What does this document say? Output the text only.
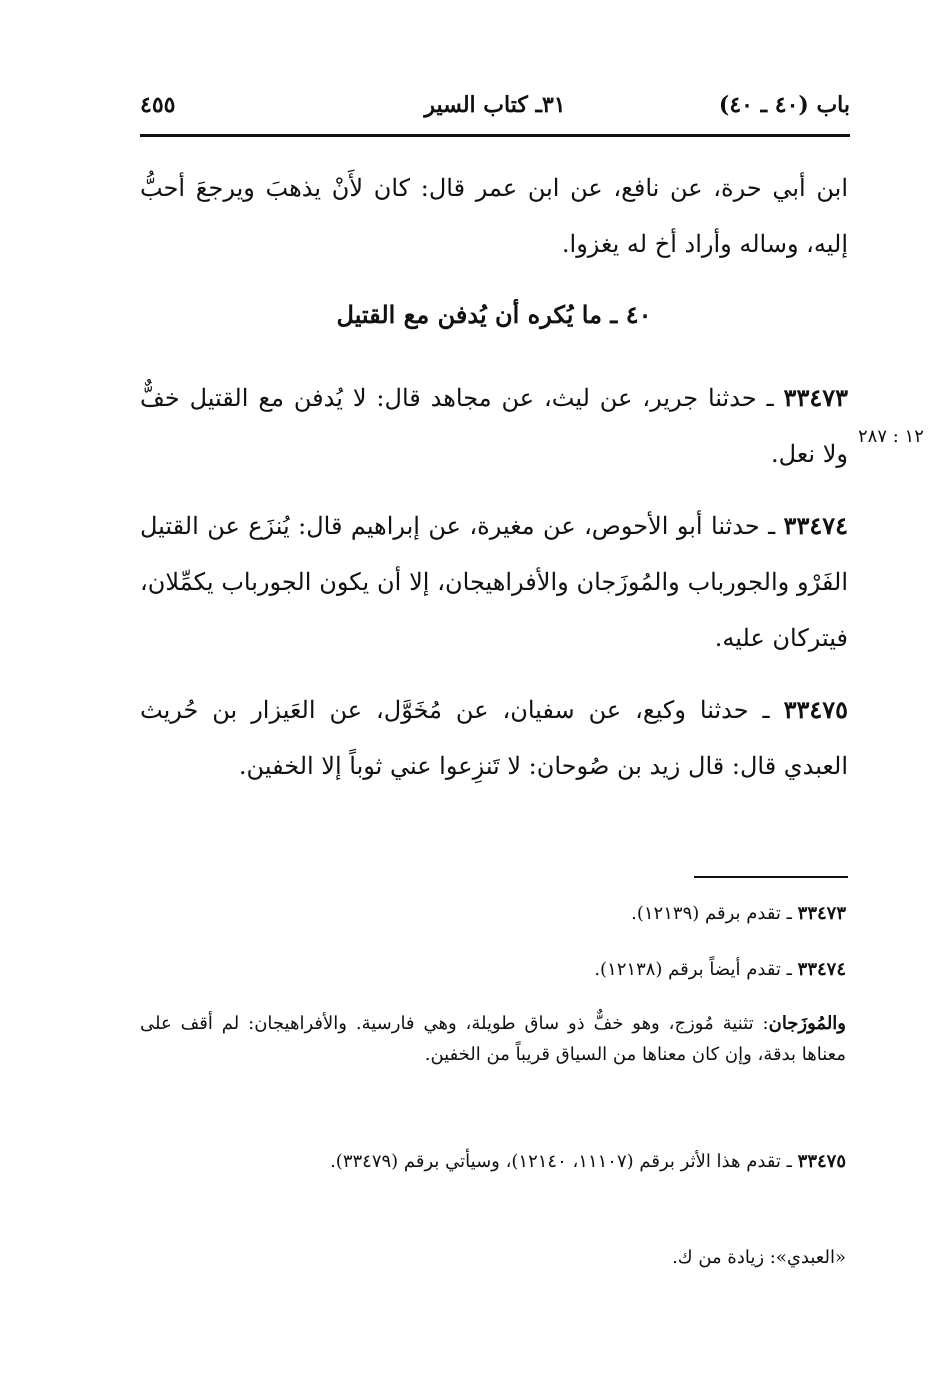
٤٥٥	٣١ـ كتاب السير	باب (٤٠ ـ ٤٠)
ابن أبي حرة، عن نافع، عن ابن عمر قال: كان لأَنْ يذهبَ ويرجعَ أحبُّ إليه، وساله وأراد أخ له يغزوا.
٤٠ ـ ما يُكره أن يُدفن مع القتيل
٣٣٤٧٣ ـ حدثنا جرير، عن ليث، عن مجاهد قال: لا يُدفن مع القتيل خفٌّ ولا نعل.
١٢ : ٢٨٧
٣٣٤٧٤ ـ حدثنا أبو الأحوص، عن مغيرة، عن إبراهيم قال: يُنزَع عن القتيل الفَرْو والجورباب والمُوزَجان والأفراهيجان، إلا أن يكون الجورباب يكمِّلان، فيتركان عليه.
٣٣٤٧٥ ـ حدثنا وكيع، عن سفيان، عن مُخَوَّل، عن العَيزار بن حُريث العبدي قال: قال زيد بن صُوحان: لا تَنزِعوا عني ثوباً إلا الخفين.
٣٣٤٧٣ ـ تقدم برقم (١٢١٣٩).
٣٣٤٧٤ ـ تقدم أيضاً برقم (١٢١٣٨).
والمُوزَجان: تثنية مُوزج، وهو خفٌّ ذو ساق طويلة، وهي فارسية. والأفراهيجان: لم أقف على معناها بدقة، وإن كان معناها من السياق قريباً من الخفين.
٣٣٤٧٥ ـ تقدم هذا الأثر برقم (١١١٠٧، ١٢١٤٠)، وسيأتي برقم (٣٣٤٧٩).
«العبدي»: زيادة من ك.
